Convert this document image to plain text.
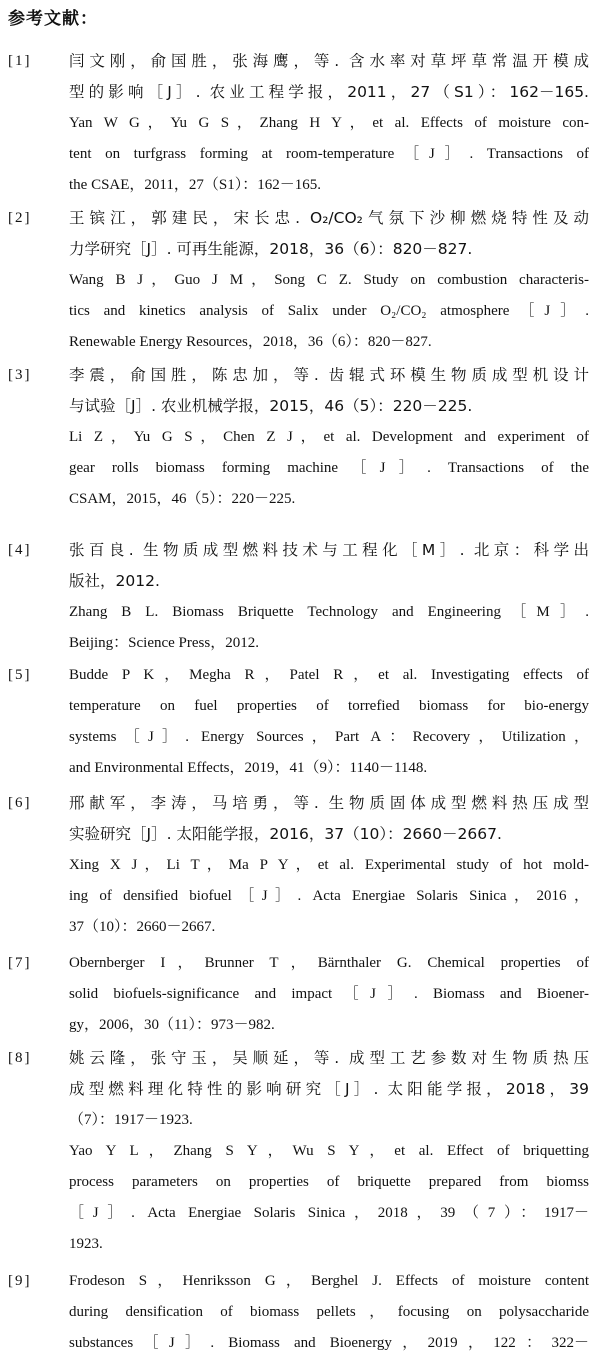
参考文献：
[1] 闫文刚，俞国胜，张海鹰，等. 含水率对草坪草常温开模成
型的影响［J］. 农业工程学报，2011，27（S1）：162－165.
Yan W G，Yu G S，Zhang H Y，et al. Effects of moisture con-
tent on turfgrass forming at room-temperature［J］. Transactions of
the CSAE，2011，27（S1）：162－165.
[2] 王镔江，郭建民，宋长忠. O₂/CO₂气氛下沙柳燃烧特性及动
力学研究［J］. 可再生能源，2018，36（6）：820－827.
Wang B J，Guo J M，Song C Z. Study on combustion characteris-
tics and kinetics analysis of Salix under O₂/CO₂ atmosphere［J］.
Renewable Energy Resources，2018，36（6）：820－827.
[3] 李震，俞国胜，陈忠加，等. 齿辊式环模生物质成型机设计
与试验［J］. 农业机械学报，2015，46（5）：220－225.
Li Z，Yu G S，Chen Z J，et al. Development and experiment of
gear rolls biomass forming machine［J］. Transactions of the
CSAM，2015，46（5）：220－225.
[4] 张百良. 生物质成型燃料技术与工程化［M］. 北京：科学出
版社，2012.
Zhang B L. Biomass Briquette Technology and Engineering［M］.
Beijing：Science Press，2012.
[5]	Budde P K，Megha R，Patel R，et al. Investigating effects of
temperature on fuel properties of torrefied biomass for bio-energy
systems［J］. Energy Sources，Part A：Recovery，Utilization，
and Environmental Effects，2019，41（9）：1140－1148.
[6] 邢献军，李涛，马培勇，等. 生物质固体成型燃料热压成型
实验研究［J］. 太阳能学报，2016，37（10）：2660－2667.
Xing X J，Li T，Ma P Y，et al. Experimental study of hot mold-
ing of densified biofuel［J］. Acta Energiae Solaris Sinica，2016，
37（10）：2660－2667.
[7]	Obernberger I，Brunner T，Bärnthaler G. Chemical properties of
solid biofuels-significance and impact［J］. Biomass and Bioener-
gy，2006，30（11）：973－982.
[8] 姚云隆，张守玉，吴顺延，等. 成型工艺参数对生物质热压
成型燃料理化特性的影响研究［J］. 太阳能学报，2018，39
（7）：1917－1923.
Yao Y L，Zhang S Y，Wu S Y，et al. Effect of briquetting
process parameters on properties of briquette prepared from biomss
［J］. Acta Energiae Solaris Sinica，2018，39（7）：1917－
1923.
[9]	Frodeson S，Henriksson G，Berghel J. Effects of moisture content
during densification of biomass pellets，focusing on polysaccharide
substances［J］. Biomass and Bioenergy，2019，122：322－
